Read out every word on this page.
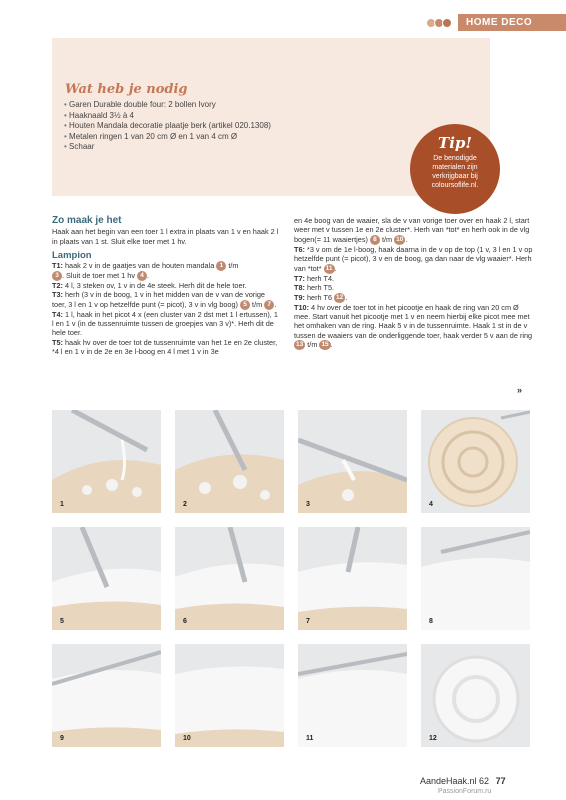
HOME DECO
Wat heb je nodig
• Garen Durable double four: 2 bollen Ivory
• Haaknaald 3½ à 4
• Houten Mandala decoratie plaatje berk (artikel 020.1308)
• Metalen ringen 1 van 20 cm Ø en 1 van 4 cm Ø
• Schaar	Tip!
De benodigde materialen zijn verkrijgbaar bij coloursoflife.nl.
Zo maak je het

Haak aan het begin van een toer 1 l extra in plaats van 1 v en haak 2 l in plaats van 1 st. Sluit elke toer met 1 hv.

Lampion

T1: haak 2 v in de gaatjes van de houten mandala 1 t/m
3 . Sluit de toer met 1 hv 4 .

T2: 4 l, 3 steken ov, 1 v in de 4e steek. Herh dit de hele toer.

T3: herh (3 v in de boog, 1 v in het midden van de v van de vorige toer, 3 l en 1 v op hetzelfde punt (= picot), 3 v in vlg boog) 5 t/m 7 .

T4: 1 l, haak in het picot 4 x (een cluster van 2 dst met 1 l ertussen), 1 l en 1 v (in de tussenruimte tussen de groepjes van 3 v)*. Herh dit de hele toer.

T5: haak hv over de toer tot de tussenruimte van het 1e en 2e cluster, *4 l en 1 v in de 2e en 3e l-boog en 4 l met 1 v in 3e

en 4e boog van de waaier, sla de v van vorige toer over en haak 2 l, start weer met v tussen 1e en 2e cluster*. Herh van *tot* en herh ook in de vlg bogen(= 11 waaiertjes) 8 t/m 10 .

T6: *3 v om de 1e l-boog, haak daarna in de v op de top (1 v, 3 l en 1 v op hetzelfde punt (= picot), 3 v en de boog, ga dan naar de vlg waaier*. Herh van *tot* 11 .

T7: herh T4.

T8: herh T5.

T9: herh T6 12 .

T10: 4 hv over de toer tot in het picootje en haak de ring van 20 cm Ø mee. Start vanuit het picootje met 1 v en neem hierbij elke picot mee met het omhaken van de ring. Haak 5 v in de tussenruimte. Haak 1 st in de v tussen de waaiers van de onderliggende toer, haak verder 5 v aan de ring 13 t/m 15 .

»
1	2	3	4
5	6	7	8
9	10	11	12
AandeHaak.nl 62 77
PassionForum.ru
